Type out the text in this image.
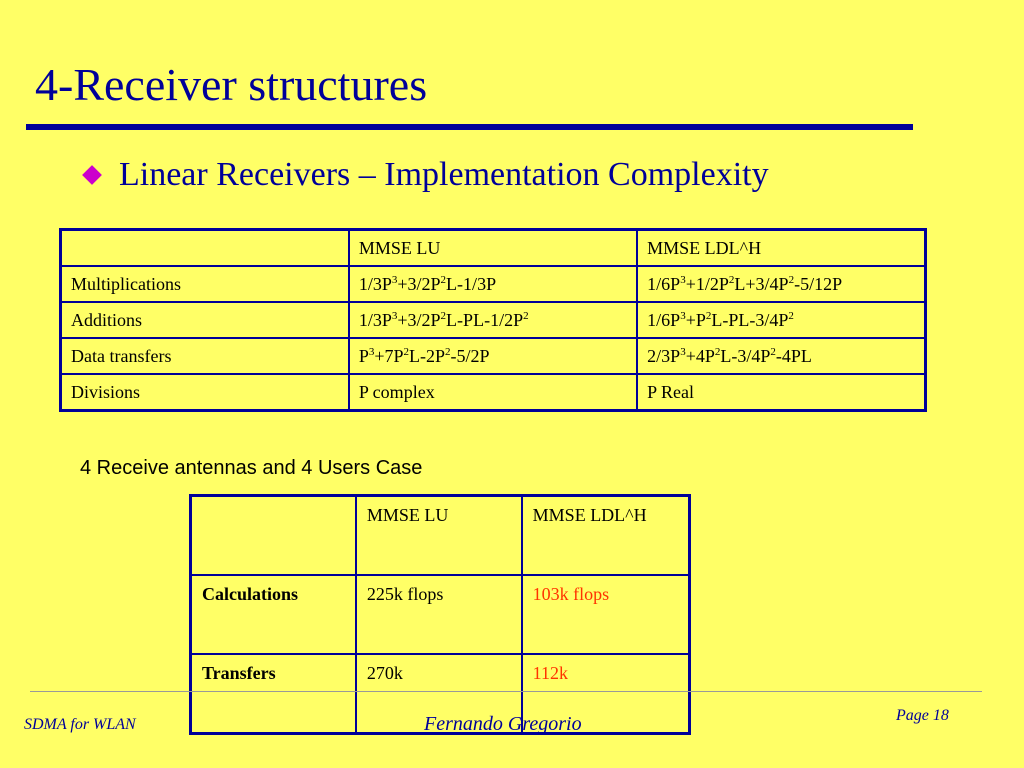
4-Receiver structures
Linear Receivers – Implementation Complexity
	MMSE LU	MMSE LDL^H
Multiplications	$1/3P^3+3/2P^2L-1/3P$	$1/6P^3+1/2P^2L+3/4P^2-5/12P$
Additions	$1/3P^3+3/2P^2L-PL-1/2P^2$	$1/6P^3+P^2L-PL-3/4P^2$
Data transfers	$P^3+7P^2L-2P^2-5/2P$	$2/3P^3+4P^2L-3/4P^2-4PL$
Divisions	P complex	P Real
4 Receive antennas and 4 Users Case
	MMSE LU	MMSE LDL^H
Calculations	225k flops	103k flops
Transfers	270k	112k
SDMA for WLAN	Fernando Gregorio	Page 18
